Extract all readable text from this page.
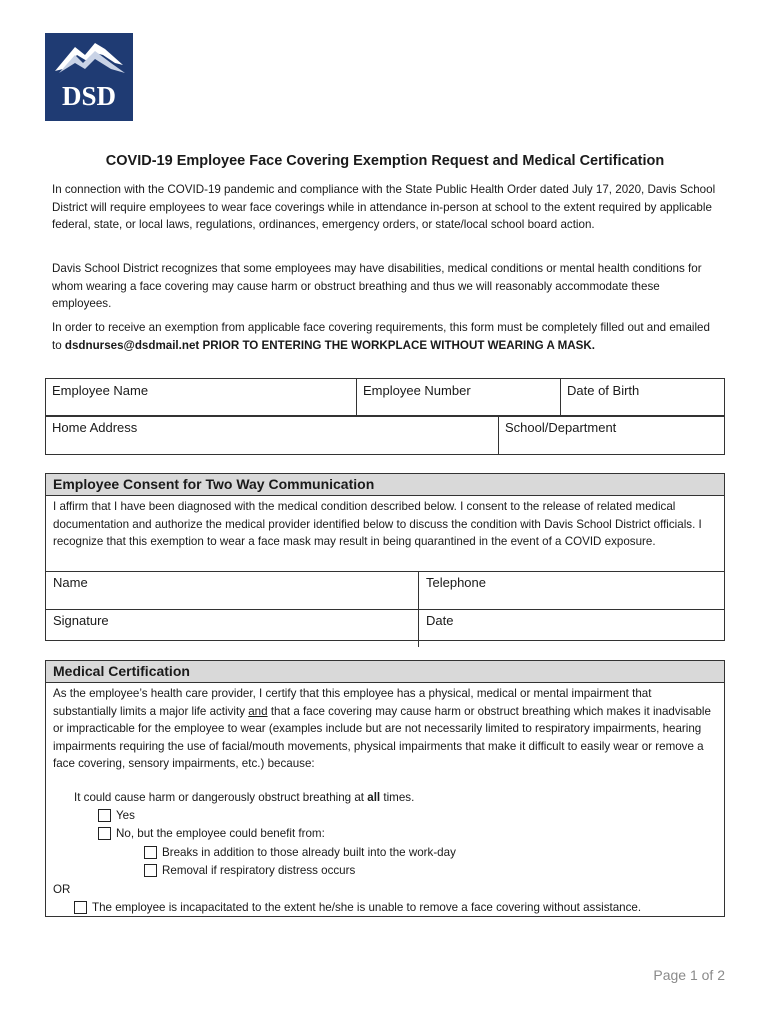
DSD
COVID-19 Employee Face Covering Exemption Request and Medical Certification
In connection with the COVID-19 pandemic and compliance with the State Public Health Order dated July 17, 2020, Davis School District will require employees to wear face coverings while in attendance in-person at school to the extent required by applicable federal, state, or local laws, regulations, ordinances, emergency orders, or state/local school board action.
Davis School District recognizes that some employees may have disabilities, medical conditions or mental health conditions for whom wearing a face covering may cause harm or obstruct breathing and thus we will reasonably accommodate these employees.
In order to receive an exemption from applicable face covering requirements, this form must be completely filled out and emailed to dsdnurses@dsdmail.net PRIOR TO ENTERING THE WORKPLACE WITHOUT WEARING A MASK.
Employee Name	Employee Number	Date of Birth
Home Address	School/Department
Employee Consent for Two Way Communication
I affirm that I have been diagnosed with the medical condition described below. I consent to the release of related medical documentation and authorize the medical provider identified below to discuss the condition with Davis School District officials. I recognize that this exemption to wear a face mask may result in being quarantined in the event of a COVID exposure.
Name	Telephone
Signature	Date
Medical Certification
As the employee’s health care provider, I certify that this employee has a physical, medical or mental impairment that substantially limits a major life activity and that a face covering may cause harm or obstruct breathing which makes it inadvisable or impracticable for the employee to wear (examples include but are not necessarily limited to respiratory impairments, hearing impairments requiring the use of facial/mouth movements, physical impairments that make it difficult to easily wear or remove a face covering, sensory impairments, etc.) because:
It could cause harm or dangerously obstruct breathing at
all
times.
Yes
No, but the employee could benefit from:
Breaks in addition to those already built into the work-day
Removal if respiratory distress occurs
OR
The employee is incapacitated to the extent he/she is unable to remove a face covering without assistance.
Page 1 of 2
